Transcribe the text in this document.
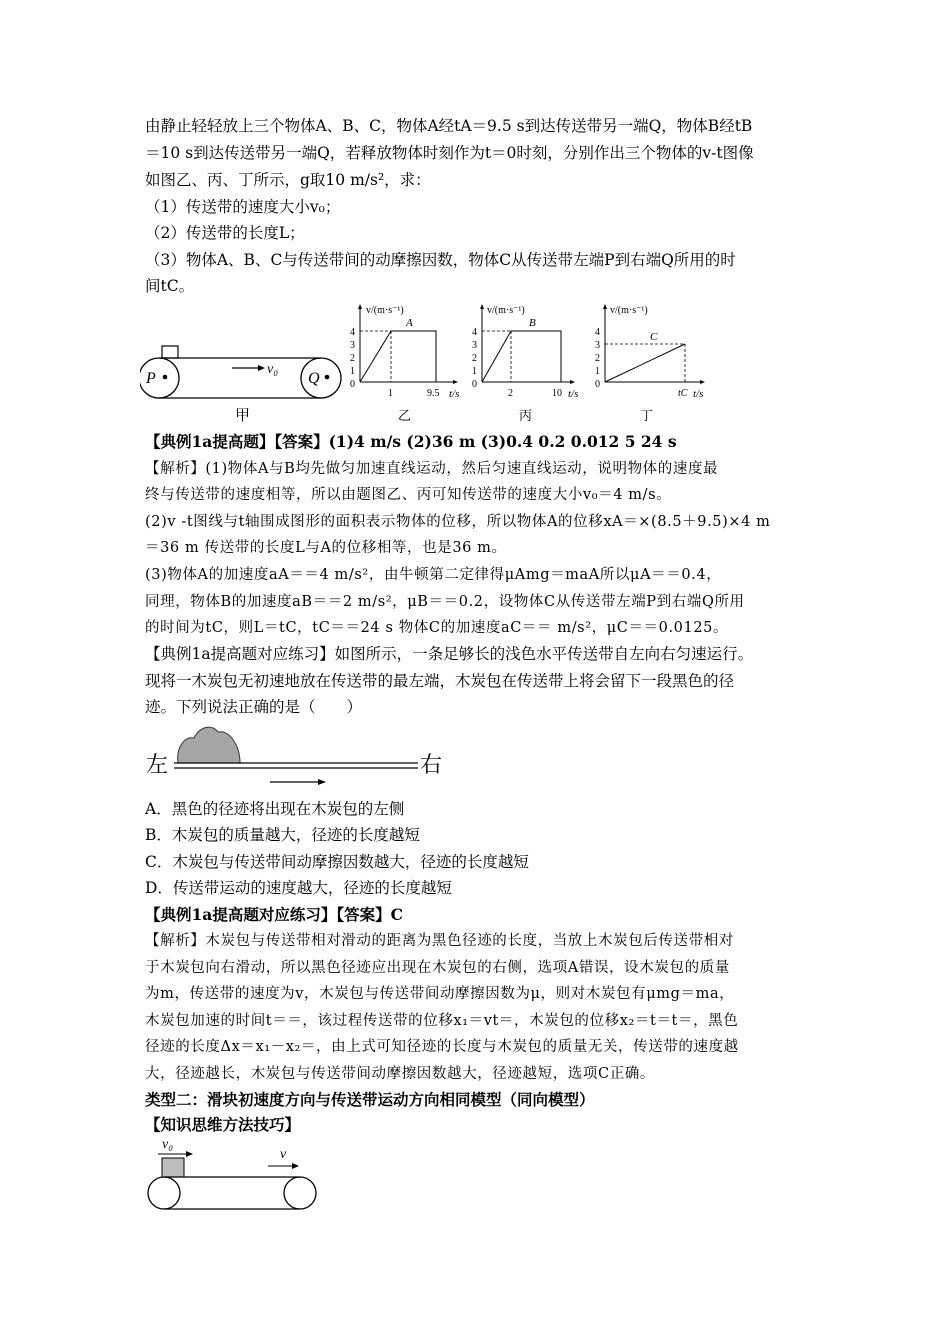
由静止轻轻放上三个物体A、B、C，物体A经tA＝9.5 s到达传送带另一端Q，物体B经tB
＝10 s到达传送带另一端Q，若释放物体时刻作为t＝0时刻，分别作出三个物体的v-t图像
如图乙、丙、丁所示，g取10 m/s²，求：
（1）传送带的速度大小v₀；
（2）传送带的长度L；
（3）物体A、B、C与传送带间的动摩擦因数，物体C从传送带左端P到右端Q所用的时
间tC。
P	Q
v₀
甲
v/(m·s⁻¹)
4
3
2
1
0
A
1	9.5 t/s
乙
v/(m·s⁻¹)
4
3
2
1
0
B
2	10 t/s
丙
v/(m·s⁻¹)
4
3
2
1
0
C
tC t/s
丁
【典例1a提高题】【答案】(1)4 m/s (2)36 m (3)0.4 0.2 0.012 5 24 s
【解析】(1)物体A与B均先做匀加速直线运动，然后匀速直线运动，说明物体的速度最
终与传送带的速度相等，所以由题图乙、丙可知传送带的速度大小v₀＝4 m/s。
(2)v -t图线与t轴围成图形的面积表示物体的位移，所以物体A的位移xA＝×(8.5＋9.5)×4 m
＝36 m 传送带的长度L与A的位移相等，也是36 m。
(3)物体A的加速度aA＝＝4 m/s²，由牛顿第二定律得μAmg＝maA所以μA＝＝0.4，
同理，物体B的加速度aB＝＝2 m/s²，μB＝＝0.2，设物体C从传送带左端P到右端Q所用
的时间为tC，则L＝tC，tC＝＝24 s 物体C的加速度aC＝＝ m/s²，μC＝＝0.0125。
【典例1a提高题对应练习】如图所示，一条足够长的浅色水平传送带自左向右匀速运行。
现将一木炭包无初速地放在传送带的最左端，木炭包在传送带上将会留下一段黑色的径
迹。下列说法正确的是（　　）
左	右
A．黑色的径迹将出现在木炭包的左侧
B．木炭包的质量越大，径迹的长度越短
C．木炭包与传送带间动摩擦因数越大，径迹的长度越短
D．传送带运动的速度越大，径迹的长度越短
【典例1a提高题对应练习】【答案】C
【解析】木炭包与传送带相对滑动的距离为黑色径迹的长度，当放上木炭包后传送带相对
于木炭包向右滑动，所以黑色径迹应出现在木炭包的右侧，选项A错误，设木炭包的质量
为m，传送带的速度为v，木炭包与传送带间动摩擦因数为μ，则对木炭包有μmg＝ma，
木炭包加速的时间t＝＝，该过程传送带的位移x₁＝vt＝，木炭包的位移x₂＝t＝t＝，黑色
径迹的长度Δx＝x₁－x₂＝，由上式可知径迹的长度与木炭包的质量无关，传送带的速度越
大，径迹越长，木炭包与传送带间动摩擦因数越大，径迹越短，选项C正确。
类型二：滑块初速度方向与传送带运动方向相同模型（同向模型）
【知识思维方法技巧】
v₀
v
